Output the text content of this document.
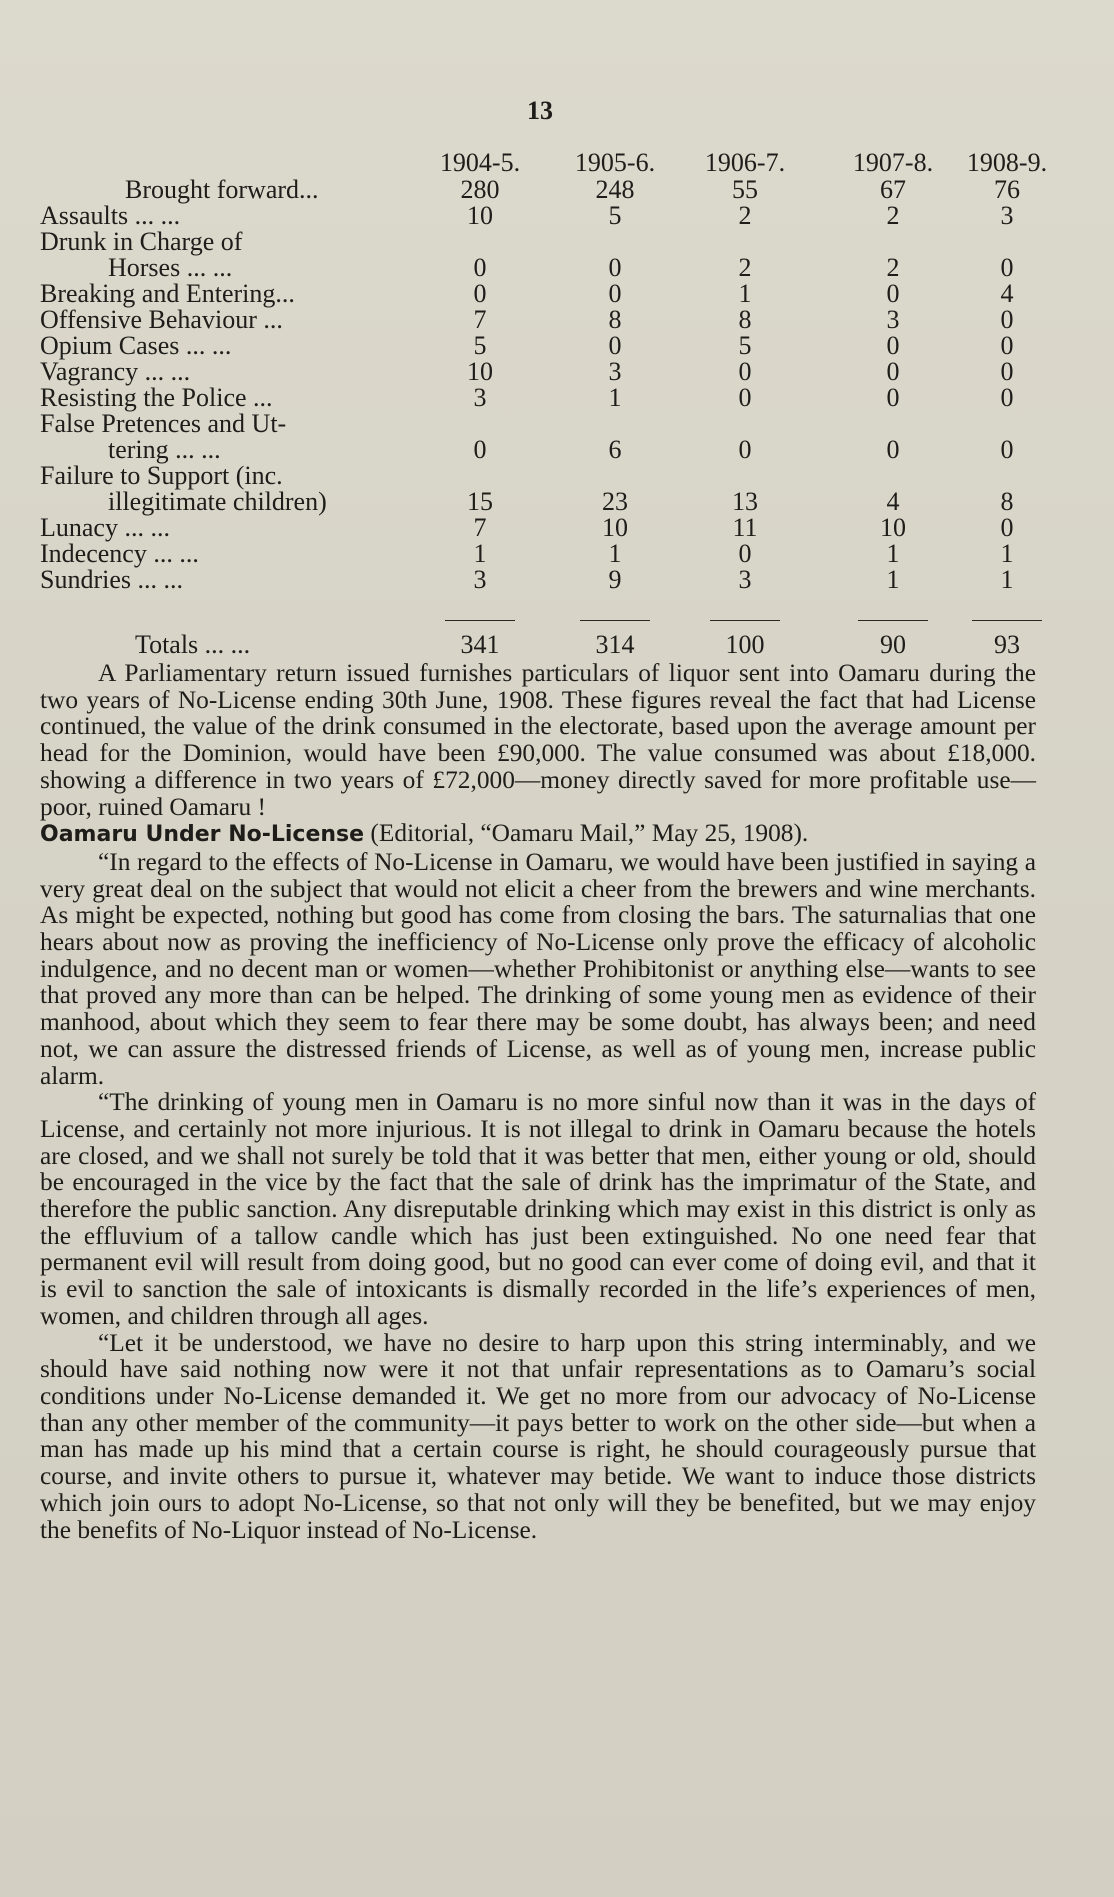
13
1904-5. 1905-6. 1906-7.	1907-8. 1908-9.
Brought forward...	280	248	55	67	76
Assaults ... ...	10	5	2	2	3
Drunk in Charge of
Horses ... ...	0	0	2	2	0
Breaking and Entering...	0	0	1	0	4
Offensive Behaviour ...	7	8	8	3	0
Opium Cases ... ...	5	0	5	0	0
Vagrancy ... ...	10	3	0	0	0
Resisting the Police ...	3	1	0	0	0
False Pretences and Ut-
tering ... ...	0	6	0	0	0
Failure to Support (inc.
illegitimate children)	15	23	13	4	8
Lunacy ... ...	7	10	11	10	0
Indecency ... ...	1	1	0	1	1
Sundries ... ...	3	9	3	1	1
Totals ... ...	341	314	100	90	93

A Parliamentary return issued furnishes particulars of liquor sent into Oamaru during the two years of No-License ending 30th June, 1908. These figures reveal the fact that had License continued, the value of the drink consumed in the electorate, based upon the average amount per head for the Dominion, would have been £90,000. The value consumed was about £18,000. showing a difference in two years of £72,000—money directly saved for more profitable use—poor, ruined Oamaru !

Oamaru Under No-License (Editorial, “Oamaru Mail,” May 25, 1908).

“In regard to the effects of No-License in Oamaru, we would have been justified in saying a very great deal on the subject that would not elicit a cheer from the brewers and wine merchants. As might be expected, nothing but good has come from closing the bars. The saturnalias that one hears about now as proving the inefficiency of No-License only prove the efficacy of alcoholic indulgence, and no decent man or women—whether Prohibitonist or anything else—wants to see that proved any more than can be helped. The drinking of some young men as evidence of their manhood, about which they seem to fear there may be some doubt, has always been; and need not, we can assure the distressed friends of License, as well as of young men, increase public alarm.

“The drinking of young men in Oamaru is no more sinful now than it was in the days of License, and certainly not more injurious. It is not illegal to drink in Oamaru because the hotels are closed, and we shall not surely be told that it was better that men, either young or old, should be encouraged in the vice by the fact that the sale of drink has the imprimatur of the State, and therefore the public sanction. Any disreputable drinking which may exist in this district is only as the effluvium of a tallow candle which has just been extinguished. No one need fear that permanent evil will result from doing good, but no good can ever come of doing evil, and that it is evil to sanction the sale of intoxicants is dismally recorded in the life’s experiences of men, women, and children through all ages.

“Let it be understood, we have no desire to harp upon this string interminably, and we should have said nothing now were it not that unfair representations as to Oamaru’s social conditions under No-License demanded it. We get no more from our advocacy of No-License than any other member of the community—it pays better to work on the other side—but when a man has made up his mind that a certain course is right, he should courageously pursue that course, and invite others to pursue it, whatever may betide. We want to induce those districts which join ours to adopt No-License, so that not only will they be benefited, but we may enjoy the benefits of No-Liquor instead of No-License.
